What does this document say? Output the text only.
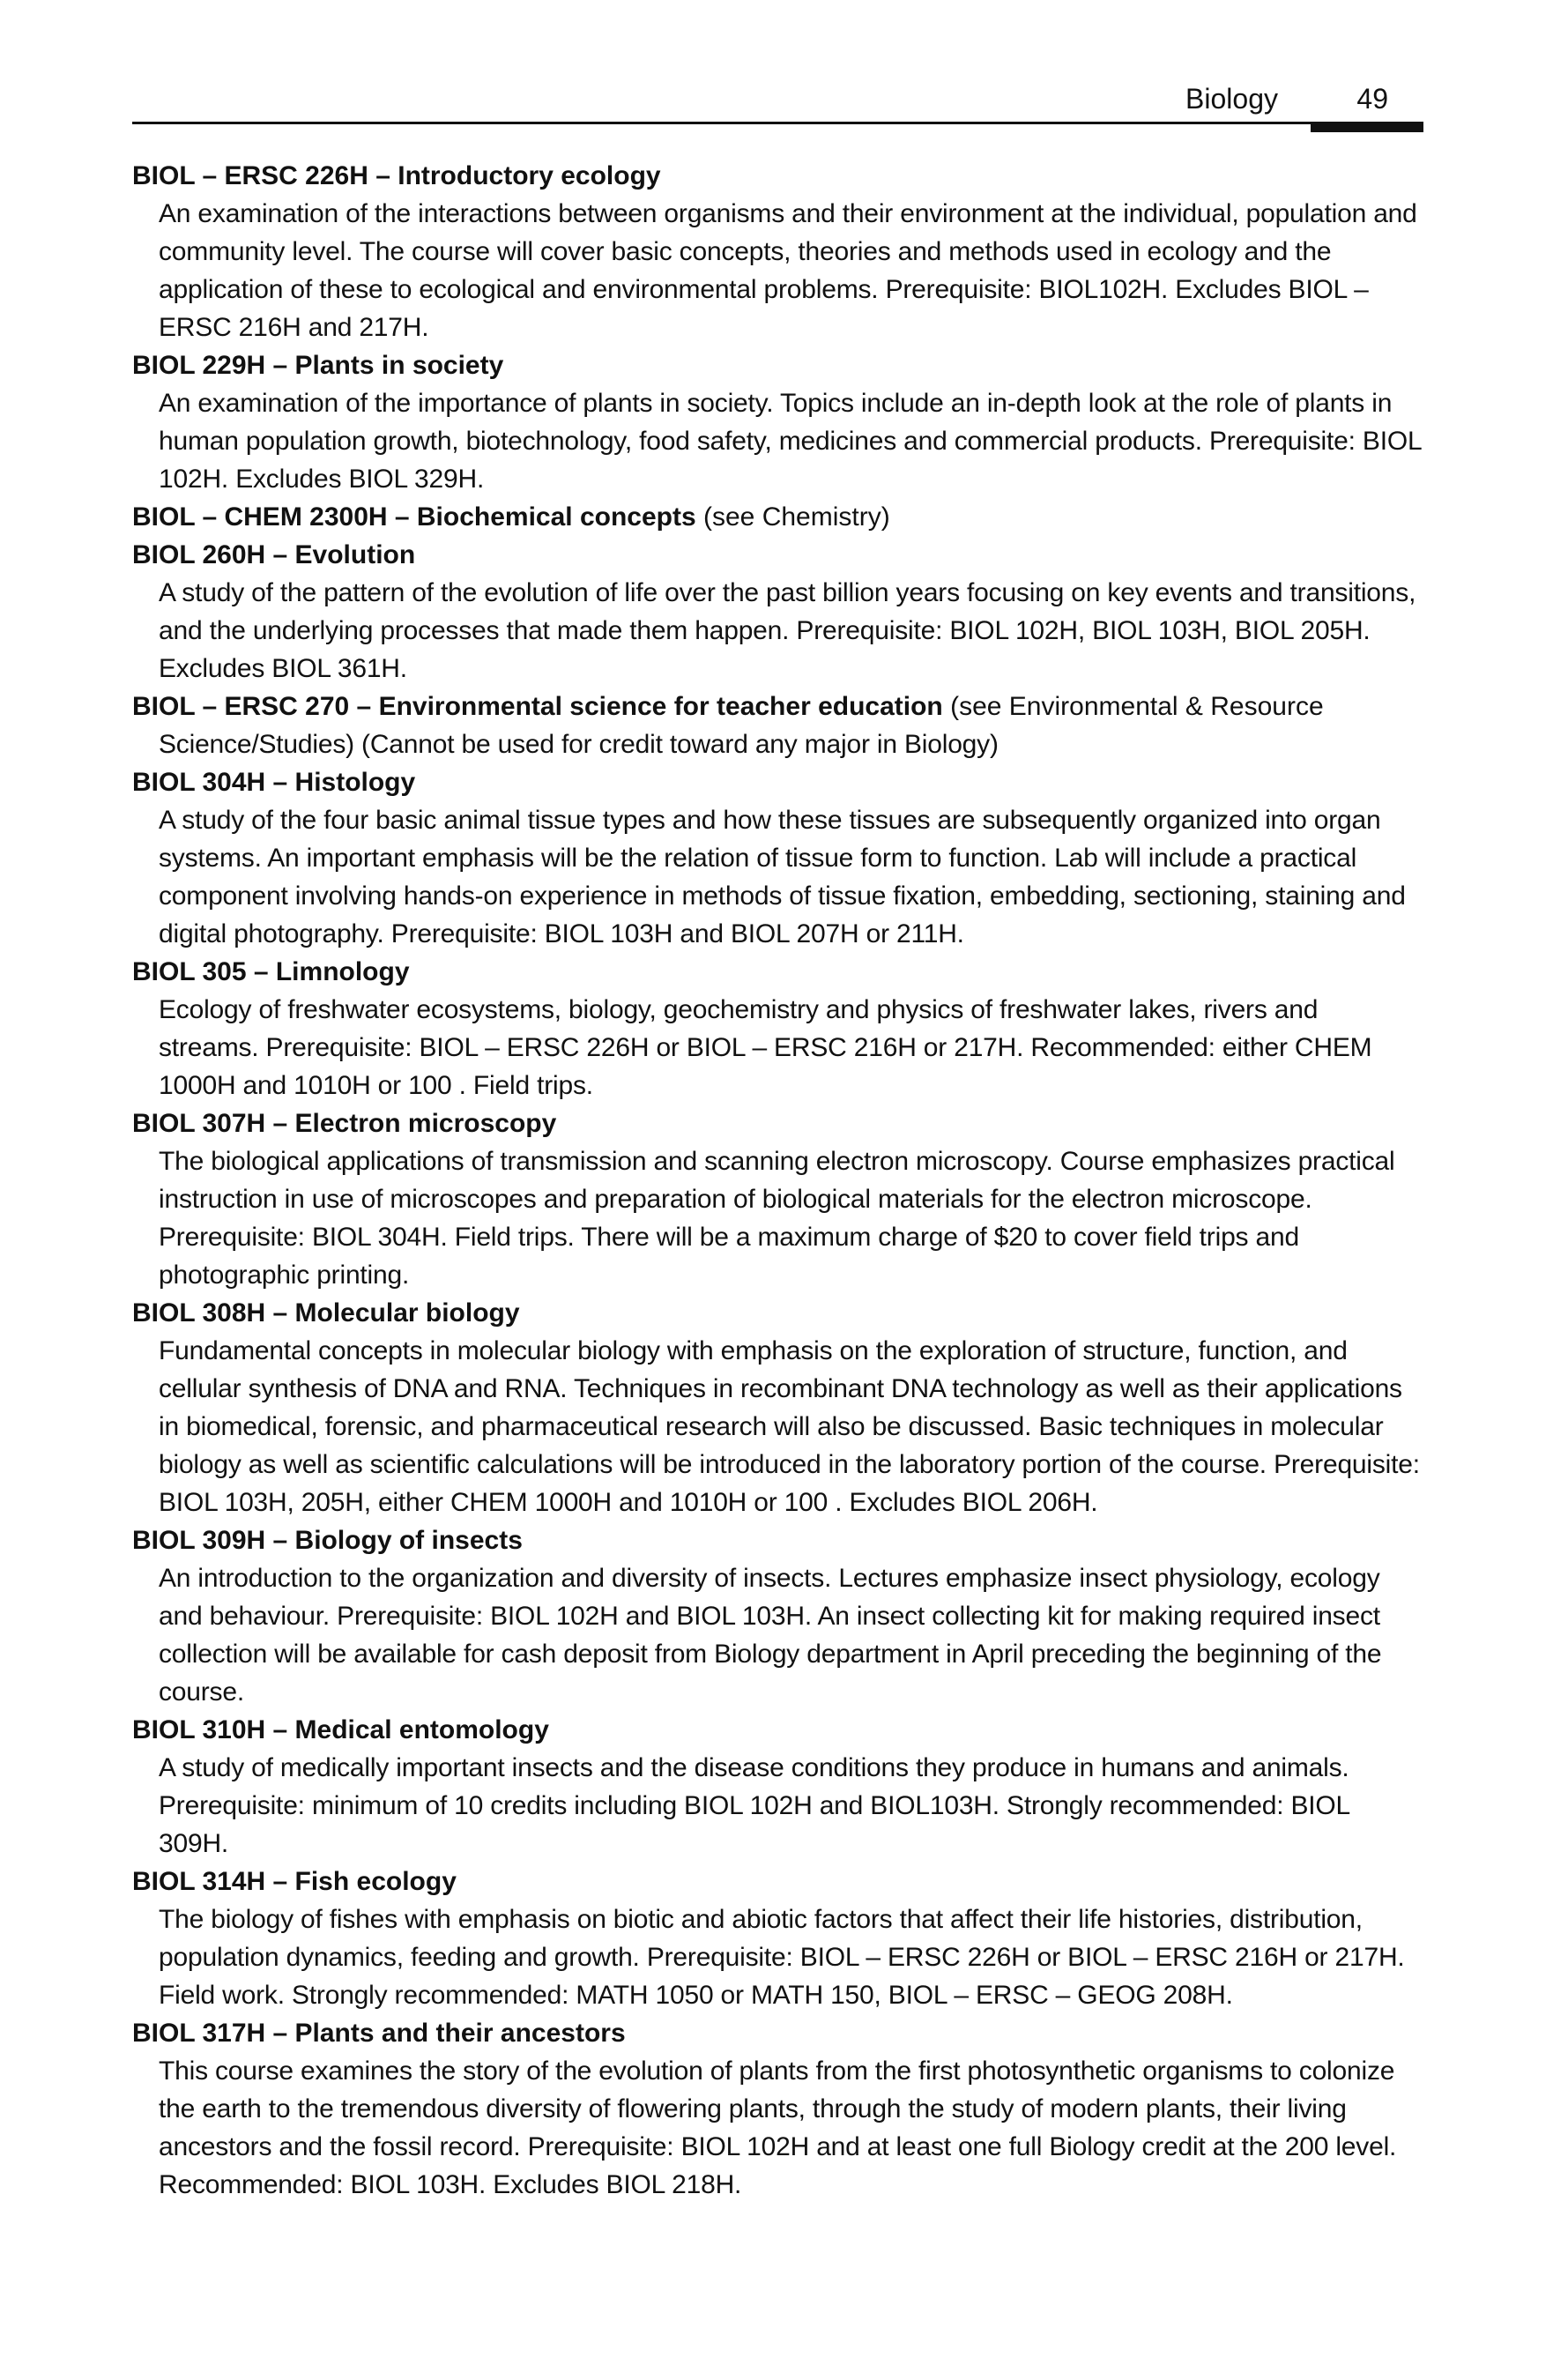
Biology	49

BIOL – ERSC 226H – Introductory ecology

An examination of the interactions between organisms and their environment at the individual, population and community level. The course will cover basic concepts, theories and methods used in ecology and the application of these to ecological and environmental problems. Prerequisite: BIOL102H. Excludes BIOL – ERSC 216H and 217H.

BIOL 229H – Plants in society

An examination of the importance of plants in society. Topics include an in-depth look at the role of plants in human population growth, biotechnology, food safety, medicines and commercial products. Prerequisite: BIOL 102H. Excludes BIOL 329H.

BIOL – CHEM 2300H – Biochemical concepts (see Chemistry)

BIOL 260H – Evolution

A study of the pattern of the evolution of life over the past billion years focusing on key events and transitions, and the underlying processes that made them happen. Prerequisite: BIOL 102H, BIOL 103H, BIOL 205H. Excludes BIOL 361H.

BIOL – ERSC 270 – Environmental science for teacher education (see Environmental & Resource

Science/Studies) (Cannot be used for credit toward any major in Biology)

BIOL 304H – Histology

A study of the four basic animal tissue types and how these tissues are subsequently organized into organ systems. An important emphasis will be the relation of tissue form to function. Lab will include a practical component involving hands-on experience in methods of tissue fixation, embedding, sectioning, staining and digital photography. Prerequisite: BIOL 103H and BIOL 207H or 211H.

BIOL 305 – Limnology

Ecology of freshwater ecosystems, biology, geochemistry and physics of freshwater lakes, rivers and streams. Prerequisite: BIOL – ERSC 226H or BIOL – ERSC 216H or 217H. Recommended: either CHEM 1000H and 1010H or 100 . Field trips.

BIOL 307H – Electron microscopy

The biological applications of transmission and scanning electron microscopy. Course emphasizes practical instruction in use of microscopes and preparation of biological materials for the electron microscope. Prerequisite: BIOL 304H. Field trips. There will be a maximum charge of $20 to cover field trips and photographic printing.

BIOL 308H – Molecular biology

Fundamental concepts in molecular biology with emphasis on the exploration of structure, function, and cellular synthesis of DNA and RNA. Techniques in recombinant DNA technology as well as their applications in biomedical, forensic, and pharmaceutical research will also be discussed. Basic techniques in molecular biology as well as scientific calculations will be introduced in the laboratory portion of the course. Prerequisite: BIOL 103H, 205H, either CHEM 1000H and 1010H or 100 . Excludes BIOL 206H.

BIOL 309H – Biology of insects

An introduction to the organization and diversity of insects. Lectures emphasize insect physiology, ecology and behaviour. Prerequisite: BIOL 102H and BIOL 103H. An insect collecting kit for making required insect collection will be available for cash deposit from Biology department in April preceding the beginning of the course.

BIOL 310H – Medical entomology

A study of medically important insects and the disease conditions they produce in humans and animals. Prerequisite: minimum of 10 credits including BIOL 102H and BIOL103H. Strongly recommended: BIOL 309H.

BIOL 314H – Fish ecology

The biology of fishes with emphasis on biotic and abiotic factors that affect their life histories, distribution, population dynamics, feeding and growth. Prerequisite: BIOL – ERSC 226H or BIOL – ERSC 216H or 217H. Field work. Strongly recommended: MATH 1050 or MATH 150, BIOL – ERSC – GEOG 208H.

BIOL 317H – Plants and their ancestors

This course examines the story of the evolution of plants from the first photosynthetic organisms to colonize the earth to the tremendous diversity of flowering plants, through the study of modern plants, their living ancestors and the fossil record. Prerequisite: BIOL 102H and at least one full Biology credit at the 200 level. Recommended: BIOL 103H. Excludes BIOL 218H.
